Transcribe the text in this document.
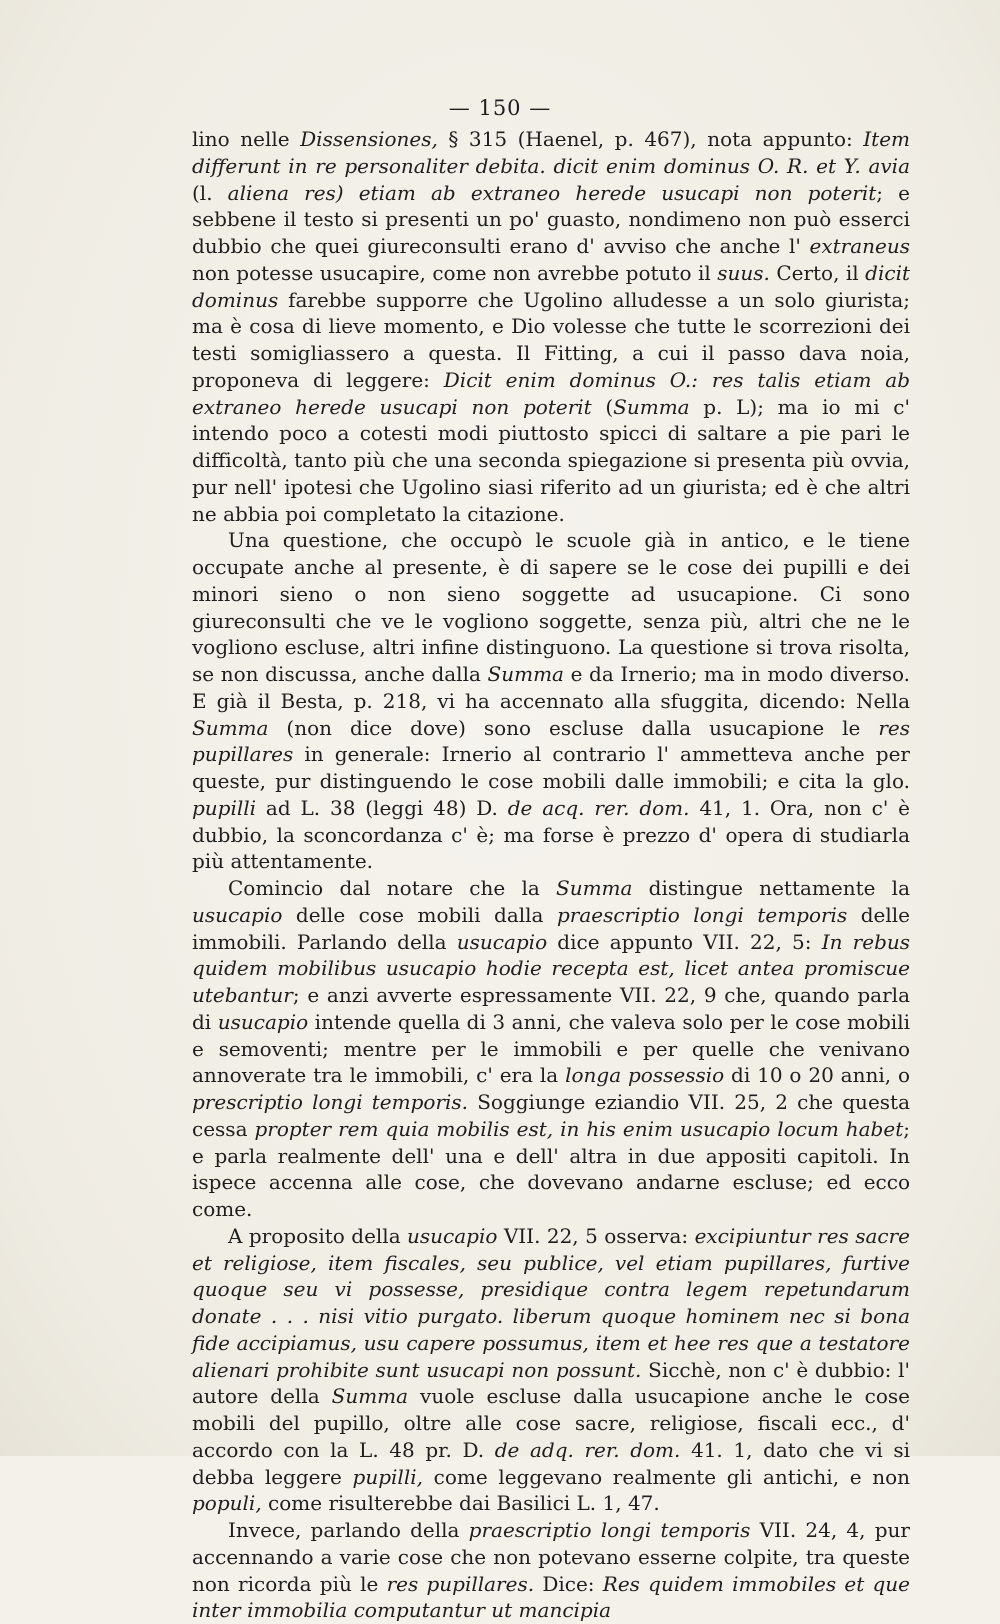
— 150 —

lino nelle Dissensiones, § 315 (Haenel, p. 467), nota appunto: Item differunt in re personaliter debita. dicit enim dominus O. R. et Y. avia (l. aliena res) etiam ab extraneo herede usucapi non poterit; e sebbene il testo si presenti un po' guasto, nondimeno non può esserci dubbio che quei giureconsulti erano d' avviso che anche l' extraneus non potesse usucapire, come non avrebbe potuto il suus. Certo, il dicit dominus farebbe supporre che Ugolino alludesse a un solo giurista; ma è cosa di lieve momento, e Dio volesse che tutte le scorrezioni dei testi somigliassero a questa. Il Fitting, a cui il passo dava noia, proponeva di leggere: Dicit enim dominus O.: res talis etiam ab extraneo herede usucapi non poterit (Summa p. L); ma io mi c' intendo poco a cotesti modi piuttosto spicci di saltare a pie pari le difficoltà, tanto più che una seconda spiegazione si presenta più ovvia, pur nell' ipotesi che Ugolino siasi riferito ad un giurista; ed è che altri ne abbia poi completato la citazione.

Una questione, che occupò le scuole già in antico, e le tiene occupate anche al presente, è di sapere se le cose dei pupilli e dei minori sieno o non sieno soggette ad usucapione. Ci sono giureconsulti che ve le vogliono soggette, senza più, altri che ne le vogliono escluse, altri infine distinguono. La questione si trova risolta, se non discussa, anche dalla Summa e da Irnerio; ma in modo diverso. E già il Besta, p. 218, vi ha accennato alla sfuggita, dicendo: Nella Summa (non dice dove) sono escluse dalla usucapione le res pupillares in generale: Irnerio al contrario l' ammetteva anche per queste, pur distinguendo le cose mobili dalle immobili; e cita la glo. pupilli ad L. 38 (leggi 48) D. de acq. rer. dom. 41, 1. Ora, non c' è dubbio, la sconcordanza c' è; ma forse è prezzo d' opera di studiarla più attentamente.

Comincio dal notare che la Summa distingue nettamente la usucapio delle cose mobili dalla praescriptio longi temporis delle immobili. Parlando della usucapio dice appunto VII. 22, 5: In rebus quidem mobilibus usucapio hodie recepta est, licet antea promiscue utebantur; e anzi avverte espressamente VII. 22, 9 che, quando parla di usucapio intende quella di 3 anni, che valeva solo per le cose mobili e semoventi; mentre per le immobili e per quelle che venivano annoverate tra le immobili, c' era la longa possessio di 10 o 20 anni, o prescriptio longi temporis. Soggiunge eziandio VII. 25, 2 che questa cessa propter rem quia mobilis est, in his enim usucapio locum habet; e parla realmente dell' una e dell' altra in due appositi capitoli. In ispece accenna alle cose, che dovevano andarne escluse; ed ecco come.

A proposito della usucapio VII. 22, 5 osserva: excipiuntur res sacre et religiose, item fiscales, seu publice, vel etiam pupillares, furtive quoque seu vi possesse, presidique contra legem repetundarum donate . . . nisi vitio purgato. liberum quoque hominem nec si bona fide accipiamus, usu capere possumus, item et hee res que a testatore alienari prohibite sunt usucapi non possunt. Sicchè, non c' è dubbio: l' autore della Summa vuole escluse dalla usucapione anche le cose mobili del pupillo, oltre alle cose sacre, religiose, fiscali ecc., d' accordo con la L. 48 pr. D. de adq. rer. dom. 41. 1, dato che vi si debba leggere pupilli, come leggevano realmente gli antichi, e non populi, come risulterebbe dai Basilici L. 1, 47.

Invece, parlando della praescriptio longi temporis VII. 24, 4, pur accennando a varie cose che non potevano esserne colpite, tra queste non ricorda più le res pupillares. Dice: Res quidem immobiles et que inter immobilia computantur ut mancipia
